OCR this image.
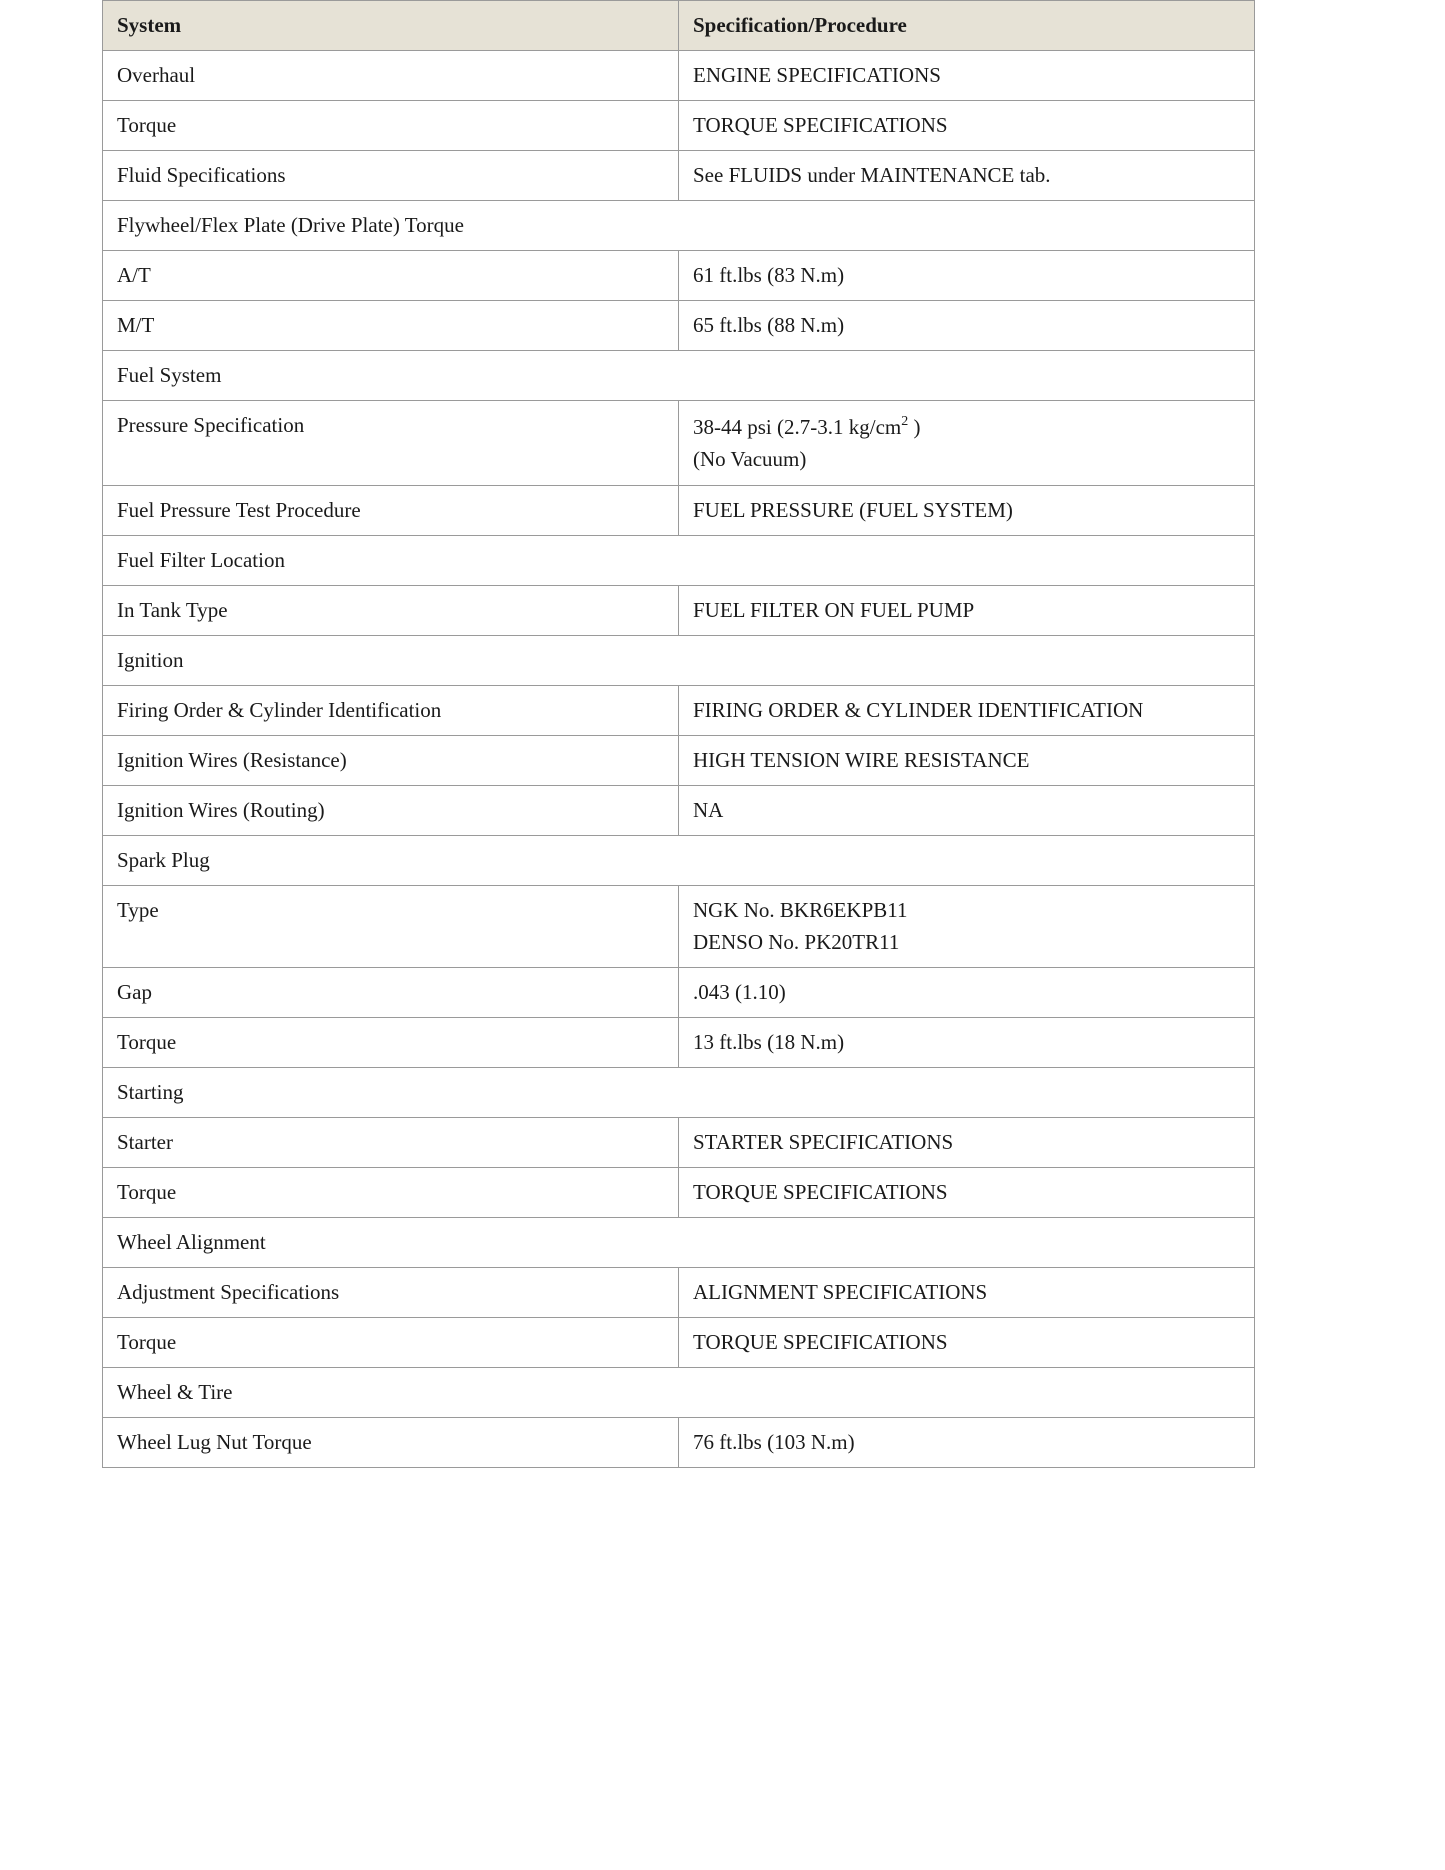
System	Specification/Procedure
Overhaul	ENGINE SPECIFICATIONS
Torque	TORQUE SPECIFICATIONS
Fluid Specifications	See FLUIDS under MAINTENANCE tab.
Flywheel/Flex Plate (Drive Plate) Torque	
A/T	61 ft.lbs (83 N.m)
M/T	65 ft.lbs (88 N.m)
Fuel System	
Pressure Specification	38-44 psi (2.7-3.1 $kg/cm^2$ )
(No Vacuum)

Fuel Pressure Test Procedure	FUEL PRESSURE (FUEL SYSTEM)
Fuel Filter Location	
In Tank Type	FUEL FILTER ON FUEL PUMP
Ignition	
Firing Order & Cylinder Identification	FIRING ORDER & CYLINDER IDENTIFICATION
Ignition Wires (Resistance)	HIGH TENSION WIRE RESISTANCE
Ignition Wires (Routing)	NA
Spark Plug	
Type	NGK No. BKR6EKPB11
DENSO No. PK20TR11

Gap	.043 (1.10)
Torque	13 ft.lbs (18 N.m)
Starting	
Starter	STARTER SPECIFICATIONS
Torque	TORQUE SPECIFICATIONS
Wheel Alignment	
Adjustment Specifications	ALIGNMENT SPECIFICATIONS
Torque	TORQUE SPECIFICATIONS
Wheel & Tire	
Wheel Lug Nut Torque	76 ft.lbs (103 N.m)
